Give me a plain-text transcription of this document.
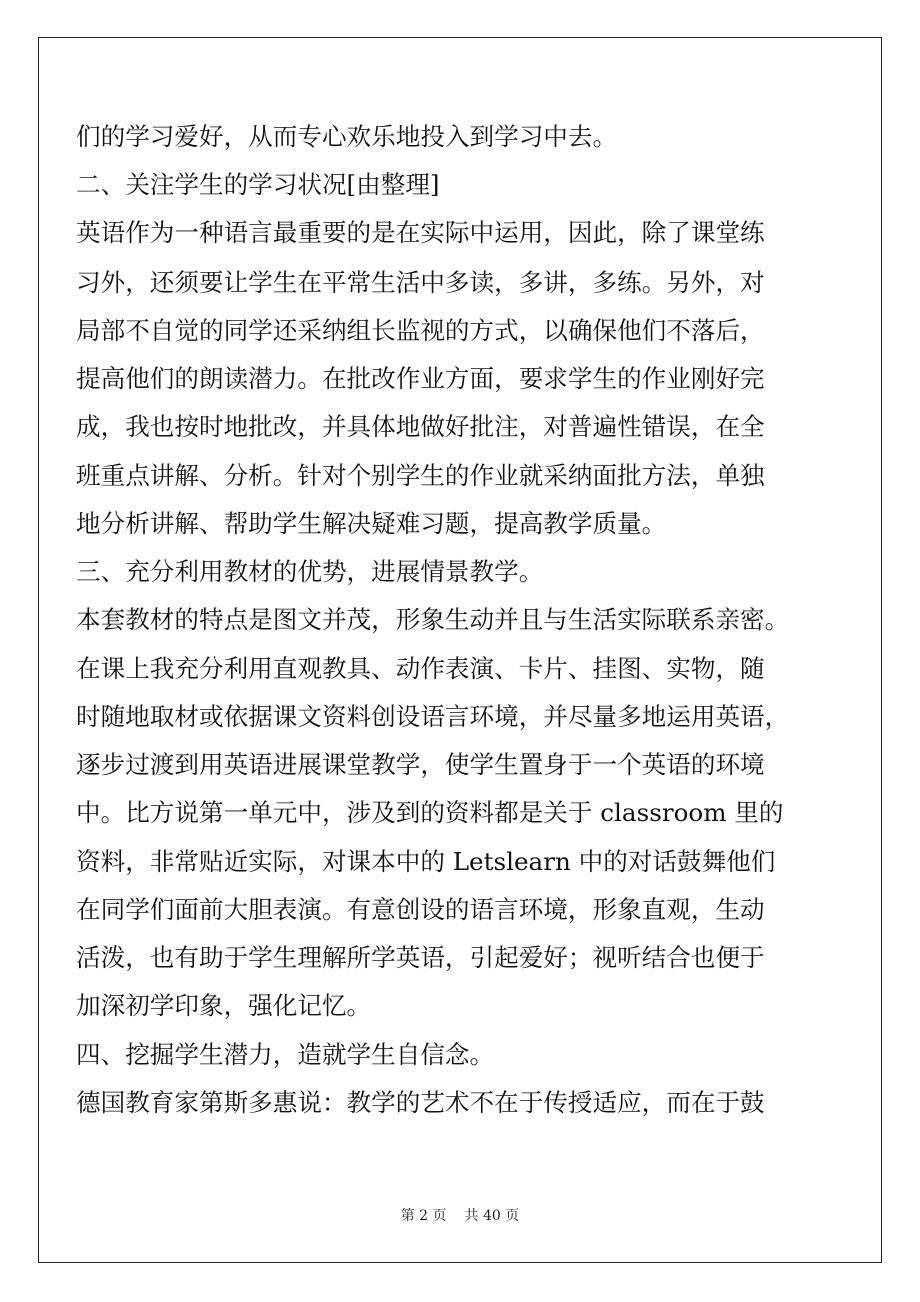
们的学习爱好，从而专心欢乐地投入到学习中去。
二、关注学生的学习状况[由整理]
英语作为一种语言最重要的是在实际中运用，因此，除了课堂练
习外，还须要让学生在平常生活中多读，多讲，多练。另外，对
局部不自觉的同学还采纳组长监视的方式，以确保他们不落后，
提高他们的朗读潜力。在批改作业方面，要求学生的作业刚好完
成，我也按时地批改，并具体地做好批注，对普遍性错误，在全
班重点讲解、分析。针对个别学生的作业就采纳面批方法，单独
地分析讲解、帮助学生解决疑难习题，提高教学质量。
三、充分利用教材的优势，进展情景教学。
本套教材的特点是图文并茂，形象生动并且与生活实际联系亲密。
在课上我充分利用直观教具、动作表演、卡片、挂图、实物，随
时随地取材或依据课文资料创设语言环境，并尽量多地运用英语，
逐步过渡到用英语进展课堂教学，使学生置身于一个英语的环境
中。比方说第一单元中，涉及到的资料都是关于 classroom 里的
资料，非常贴近实际，对课本中的 Letslearn 中的对话鼓舞他们
在同学们面前大胆表演。有意创设的语言环境，形象直观，生动
活泼，也有助于学生理解所学英语，引起爱好；视听结合也便于
加深初学印象，强化记忆。
四、挖掘学生潜力，造就学生自信念。
德国教育家第斯多惠说：教学的艺术不在于传授适应，而在于鼓
第 2 页 共 40 页
